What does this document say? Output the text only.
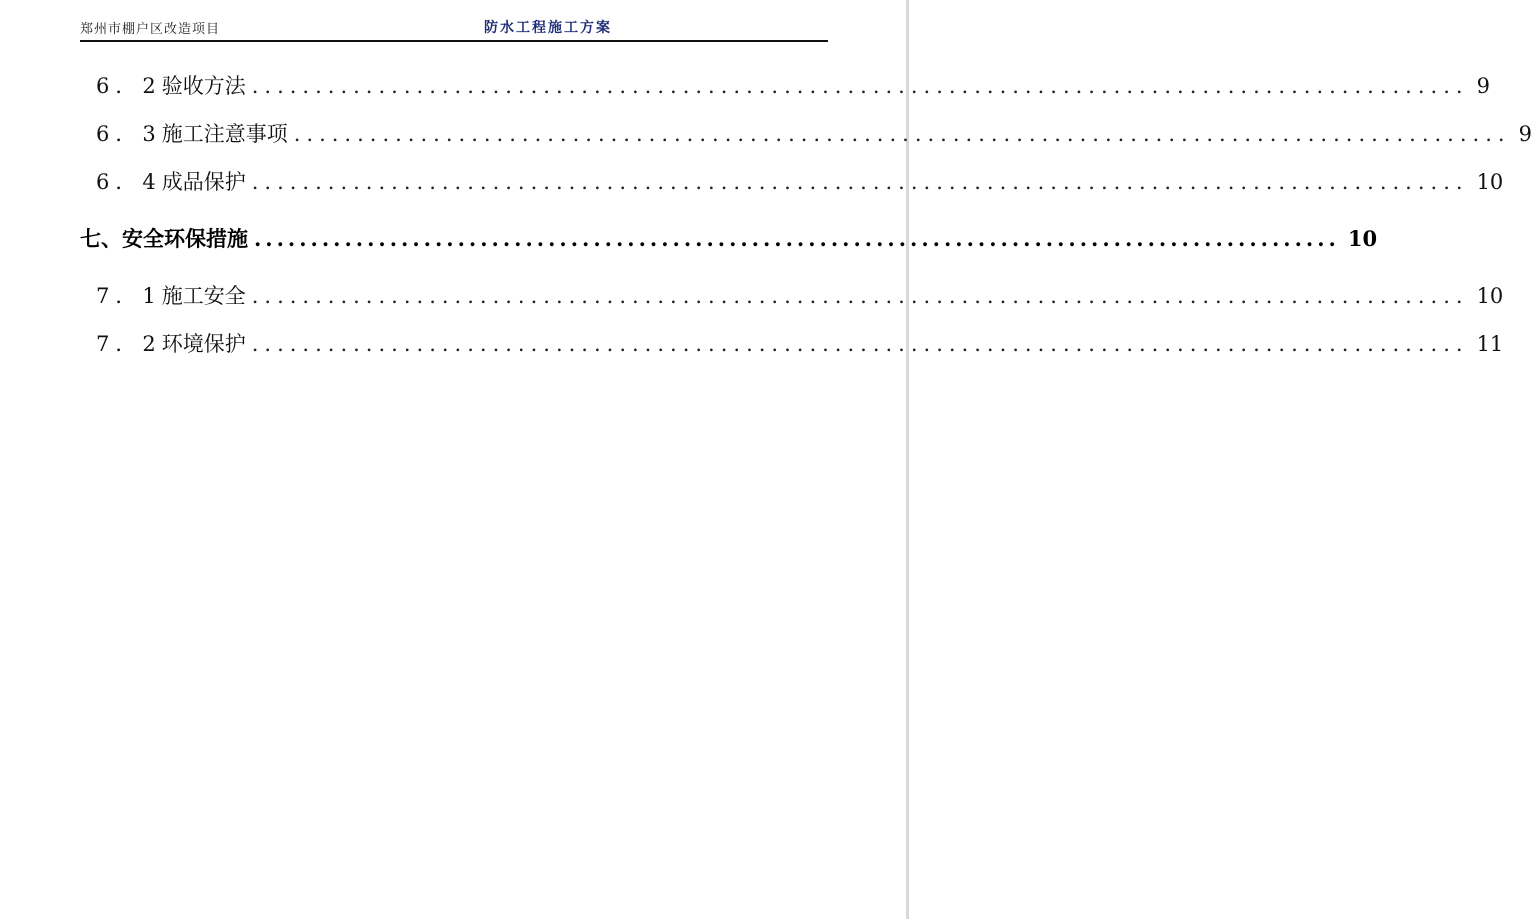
郑州市棚户区改造项目	防水工程施工方案
6．2 验收方法 ................................................................................................ 9
6．3 施工注意事项 ................................................................................................ 9
6．4 成品保护 ................................................................................................ 10
七、 安全环保措施 ................................................................................................ 10
7．1 施工安全 ................................................................................................ 10
7．2 环境保护 ................................................................................................ 11
